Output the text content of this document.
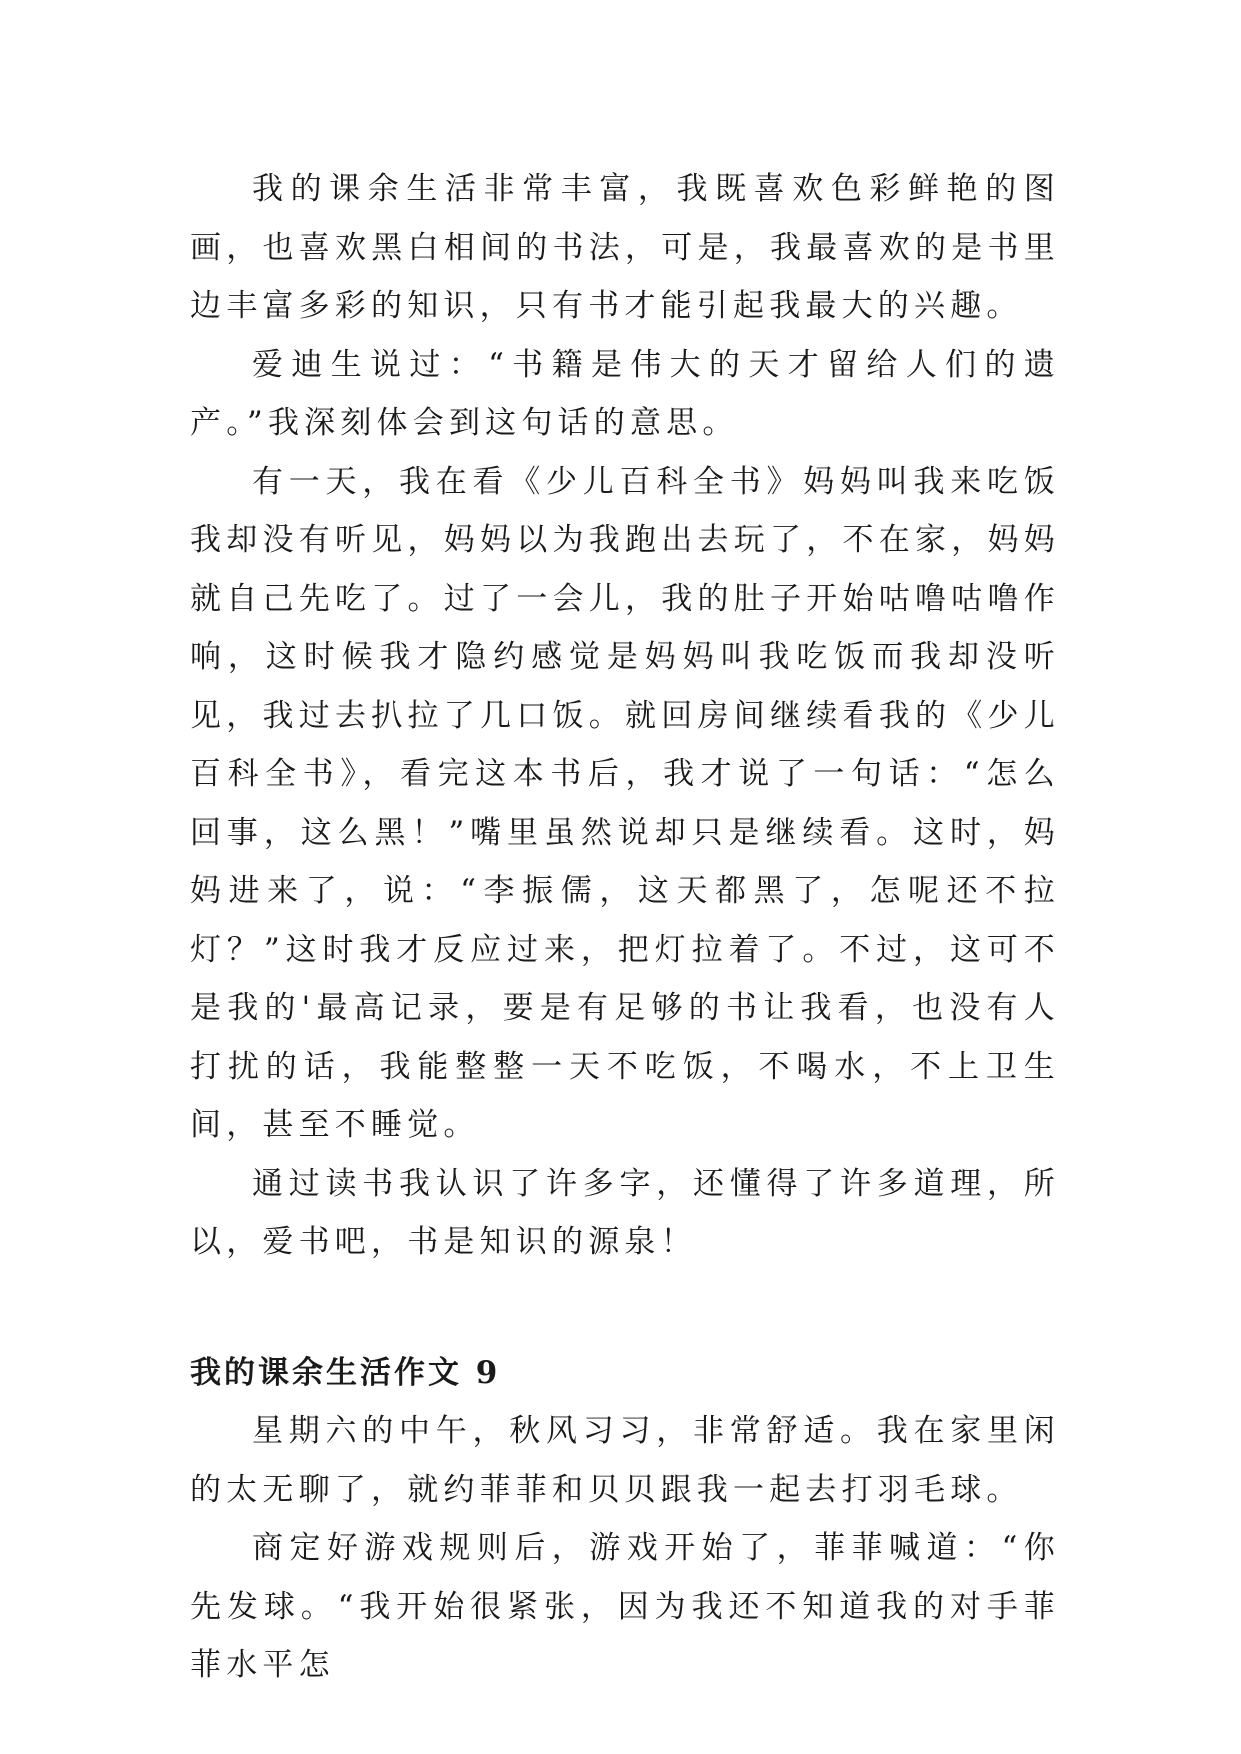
我的课余生活非常丰富，我既喜欢色彩鲜艳的图画，也喜欢黑白相间的书法，可是，我最喜欢的是书里边丰富多彩的知识，只有书才能引起我最大的兴趣。

爱迪生说过：“书籍是伟大的天才留给人们的遗产。”我深刻体会到这句话的意思。

有一天，我在看《少儿百科全书》妈妈叫我来吃饭我却没有听见，妈妈以为我跑出去玩了，不在家，妈妈就自己先吃了。过了一会儿，我的肚子开始咕噜咕噜作响，这时候我才隐约感觉是妈妈叫我吃饭而我却没听见，我过去扒拉了几口饭。就回房间继续看我的《少儿百科全书》，看完这本书后，我才说了一句话：“怎么回事，这么黑！”嘴里虽然说却只是继续看。这时，妈妈进来了，说：“李振儒，这天都黑了，怎呢还不拉灯？”这时我才反应过来，把灯拉着了。不过，这可不是我的'最高记录，要是有足够的书让我看，也没有人打扰的话，我能整整一天不吃饭，不喝水，不上卫生间，甚至不睡觉。

通过读书我认识了许多字，还懂得了许多道理，所以，爱书吧，书是知识的源泉！

我的课余生活作文 9

星期六的中午，秋风习习，非常舒适。我在家里闲的太无聊了，就约菲菲和贝贝跟我一起去打羽毛球。

商定好游戏规则后，游戏开始了，菲菲喊道：“你先发球。“我开始很紧张，因为我还不知道我的对手菲菲水平怎
